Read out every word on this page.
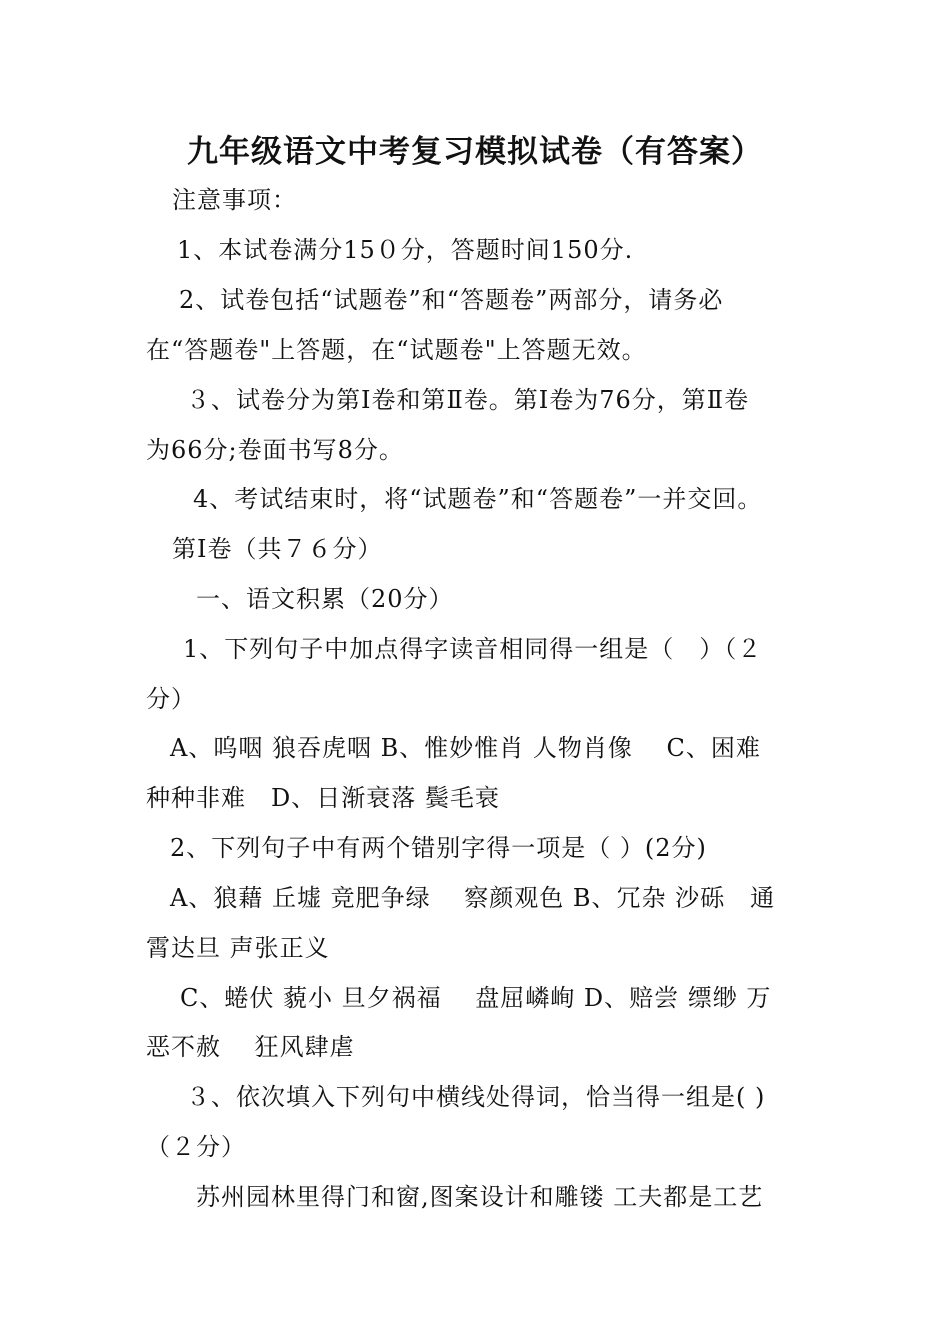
九年级语文中考复习模拟试卷（有答案）
注意事项：
1、本试卷满分15０分，答题时间150分.
2、试卷包括“试题卷”和“答题卷”两部分，请务必
在“答题卷"上答题，在“试题卷"上答题无效。
３、试卷分为第Ⅰ卷和第Ⅱ卷。第Ⅰ卷为76分，第Ⅱ卷
为66分;卷面书写8分。
4、考试结束时，将“试题卷”和“答题卷”一并交回。
第Ⅰ卷（共７６分）
一、语文积累（20分）
1、下列句子中加点得字读音相同得一组是（　）（２
分）
A、呜咽 狼吞虎咽 B、惟妙惟肖 人物肖像　 C、困难
种种非难　D、日渐衰落 鬓毛衰
2、下列句子中有两个错别字得一项是（ ）(2分)
A、狼藉 丘墟 竞肥争绿　 察颜观色 B、冗杂 沙砾　通
霄达旦 声张正义
C、蜷伏 藐小 旦夕祸福　 盘屈嶙峋 D、赔尝 缥缈 万
恶不赦　 狂风肆虐
３、依次填入下列句中横线处得词，恰当得一组是( )
（２分）
苏州园林里得门和窗,图案设计和雕镂 工夫都是工艺
